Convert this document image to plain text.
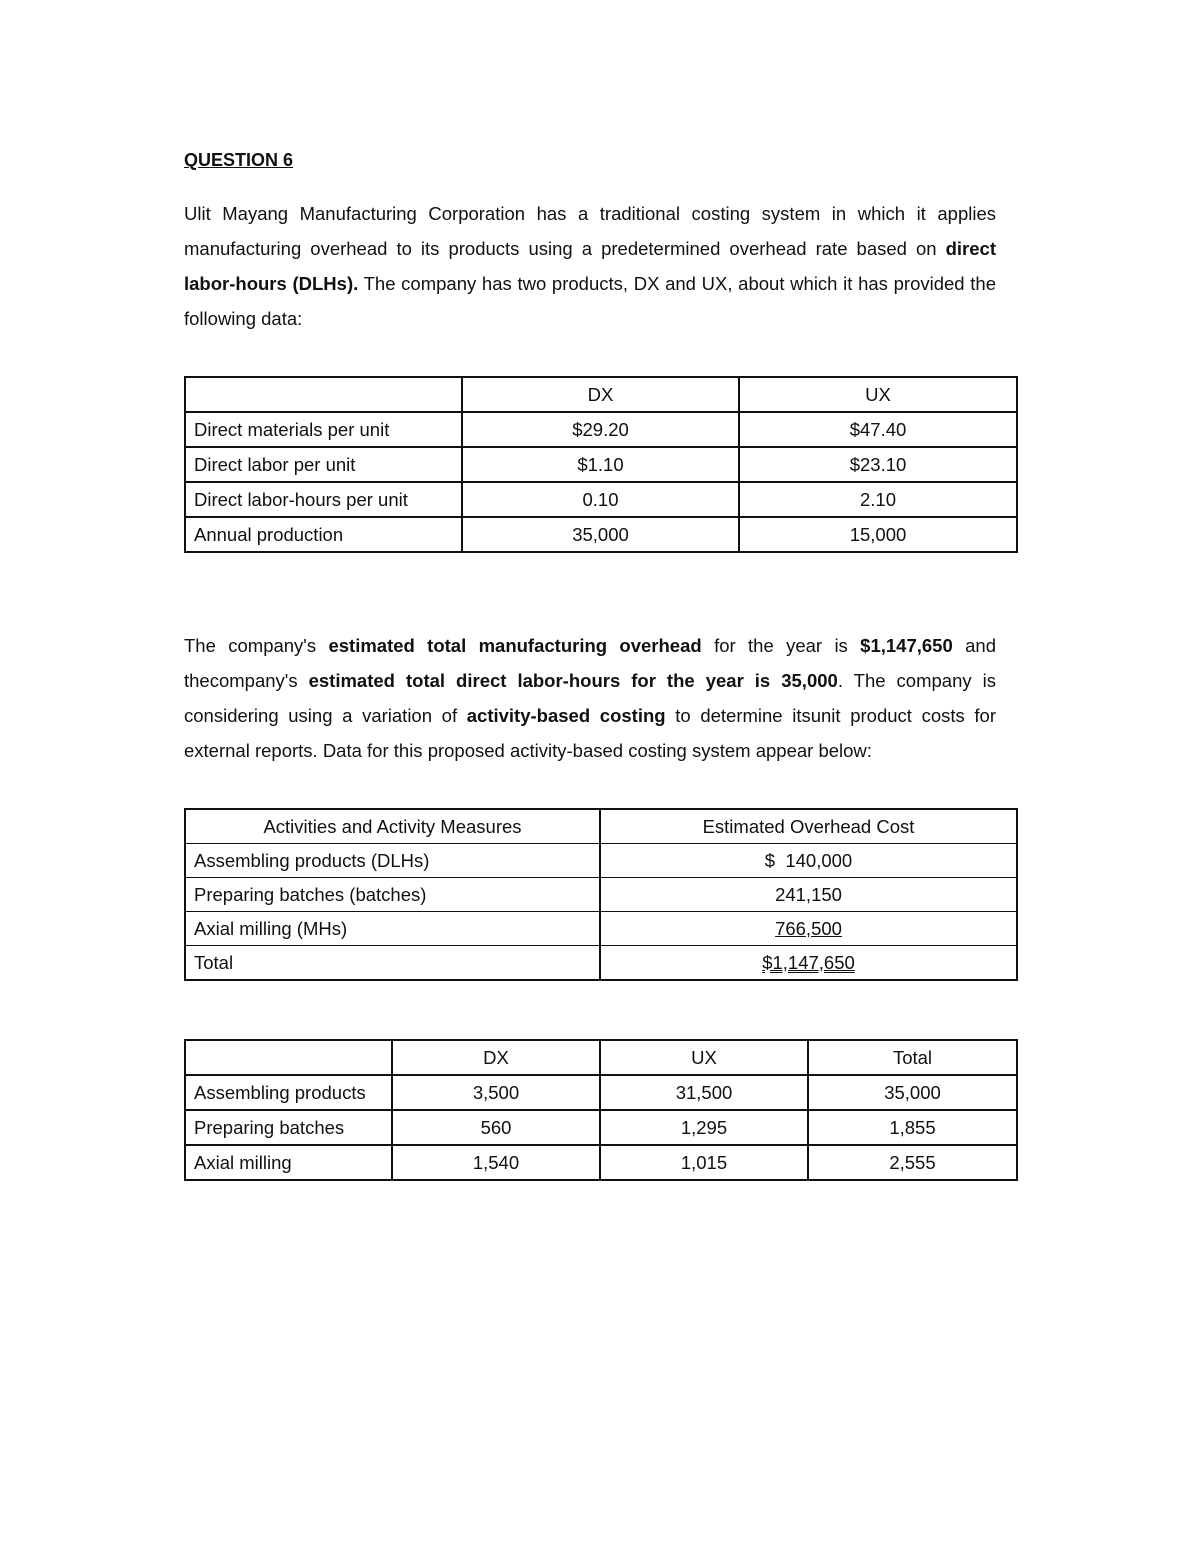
QUESTION 6

Ulit Mayang Manufacturing Corporation has a traditional costing system in which it applies manufacturing overhead to its products using a predetermined overhead rate based on direct labor-hours (DLHs). The company has two products, DX and UX, about which it has provided the following data:

	DX	UX
Direct materials per unit	$29.20	$47.40
Direct labor per unit	$1.10	$23.10
Direct labor-hours per unit	0.10	2.10
Annual production	35,000	15,000

The company's estimated total manufacturing overhead for the year is $1,147,650 and thecompany's estimated total direct labor-hours for the year is 35,000. The company is considering using a variation of activity-based costing to determine itsunit product costs for external reports. Data for this proposed activity-based costing system appear below:

Activities and Activity Measures	Estimated Overhead Cost
Assembling products (DLHs)	$  140,000
Preparing batches (batches)	241,150
Axial milling (MHs)	766,500
Total	$1,147,650
	DX	UX	Total
Assembling products	3,500	31,500	35,000
Preparing batches	560	1,295	1,855
Axial milling	1,540	1,015	2,555
